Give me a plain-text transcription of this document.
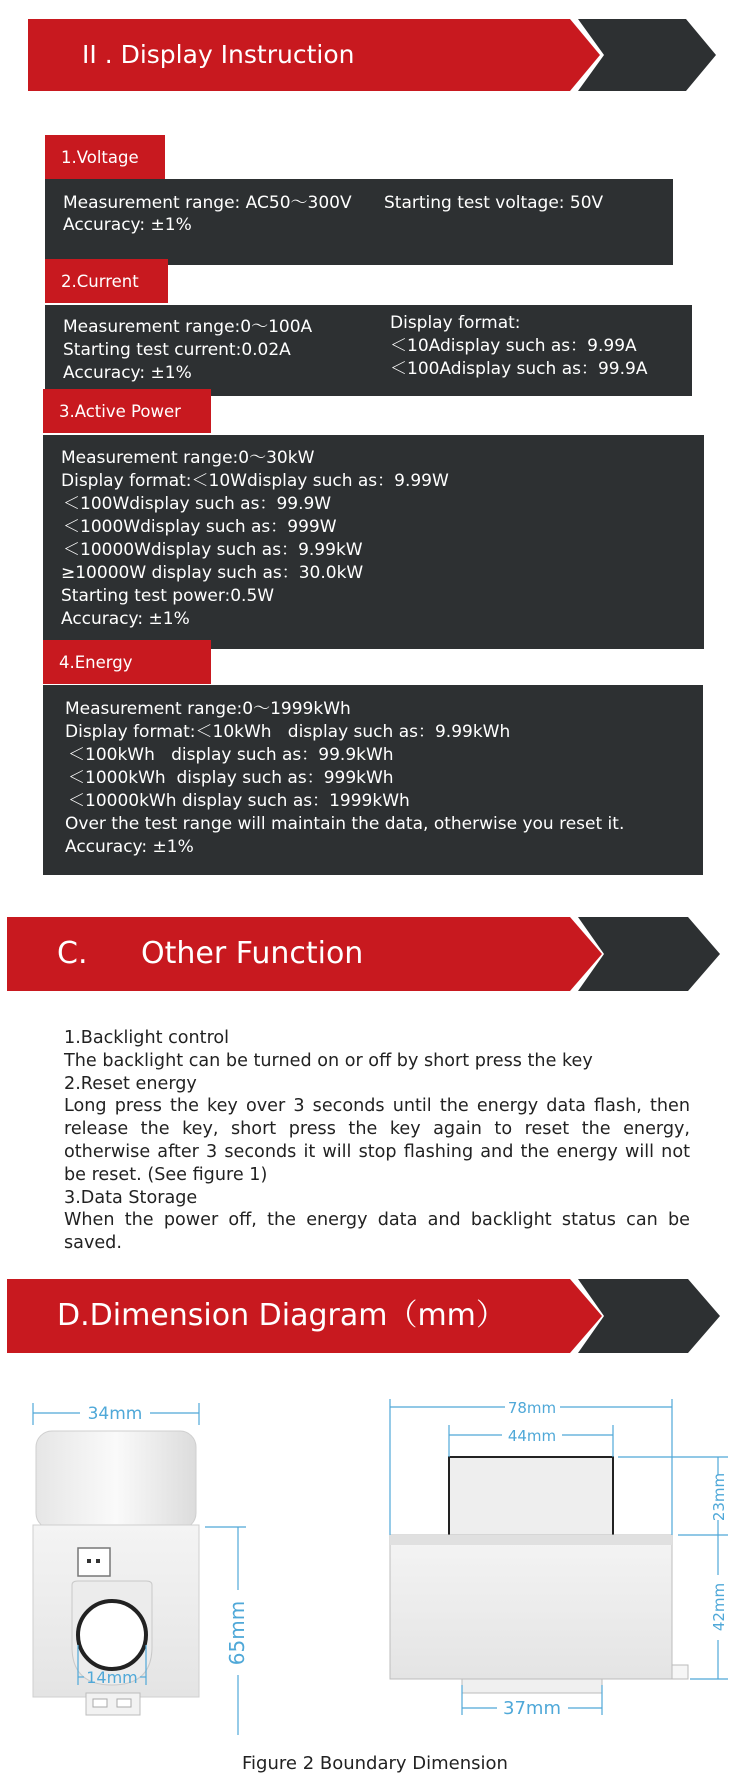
II . Display Instruction
1.Voltage
Measurement range: AC50～300V Starting test voltage: 50V
Accuracy: ±1%
2.Current
Measurement range:0～100A
Starting test current:0.02A
Accuracy: ±1%
Display format:
＜10Adisplay such as：9.99A
＜100Adisplay such as：99.9A
3.Active Power
Measurement range:0～30kW
Display format:＜10Wdisplay such as：9.99W
＜100Wdisplay such as：99.9W
＜1000Wdisplay such as：999W
＜10000Wdisplay such as：9.99kW
≥10000W display such as：30.0kW
Starting test power:0.5W
Accuracy: ±1%
4.Energy
Measurement range:0～1999kWh
Display format:＜10kWh   display such as：9.99kWh
＜100kWh   display such as：99.9kWh
＜1000kWh  display such as：999kWh
＜10000kWh display such as：1999kWh
Over the test range will maintain the data, otherwise you reset it.
Accuracy: ±1%
C. Other Function
1.Backlight control
The backlight can be turned on or off by short press the key
2.Reset energy
Long press the key over 3 seconds until the energy data flash, then release the key, short press the key again to reset the energy, otherwise after 3 seconds it will stop flashing and the energy will not be reset. (See figure 1)
3.Data Storage
When the power off, the energy data and backlight status can be saved.
D.Dimension Diagram（mm）
34mm
65mm
14mm
78mm
44mm
37mm
23mm
42mm
Figure 2 Boundary Dimension
